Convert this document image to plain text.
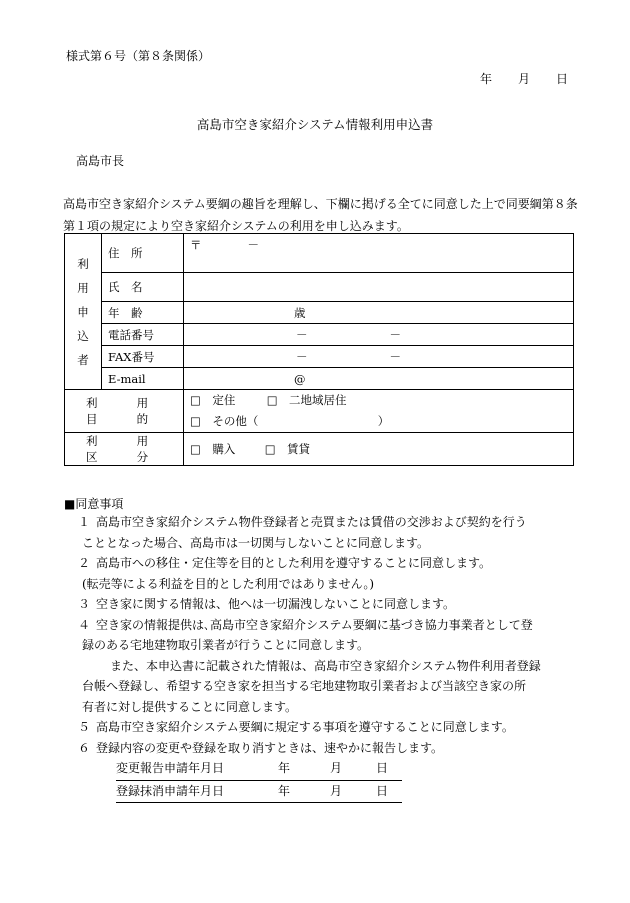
様式第６号（第８条関係）
年 月 日
高島市空き家紹介システム情報利用申込書
高島市長
高島市空き家紹介システム要綱の趣旨を理解し、下欄に掲げる全てに同意した上で同要綱第８条第１項の規定により空き家紹介システムの利用を申し込みます。
利
用
申
込
者	住　所	〒　　　　－
	氏　名	
	年　齢	歳
	電話番号	－ －
	FAX番号	－ －
	E-mail	@
利　用　目　的		□　定住 □　二地域居住
□　その他（ ）

利　用　区　分		□　購入 □　賃貸
■同意事項

１ 高島市空き家紹介システム物件登録者と売買または賃借の交渉および契約を行う

こととなった場合、高島市は一切関与しないことに同意します。

２ 高島市への移住・定住等を目的とした利用を遵守することに同意します。

(転売等による利益を目的とした利用ではありません。)

３ 空き家に関する情報は、他へは一切漏洩しないことに同意します。

４ 空き家の情報提供は､高島市空き家紹介システム要綱に基づき協力事業者として登

録のある宅地建物取引業者が行うことに同意します。

また、本申込書に記載された情報は、高島市空き家紹介システム物件利用者登録

台帳へ登録し、希望する空き家を担当する宅地建物取引業者および当該空き家の所

有者に対し提供することに同意します。

５ 高島市空き家紹介システム要綱に規定する事項を遵守することに同意します。

６ 登録内容の変更や登録を取り消すときは、速やかに報告します。

変更報告申請年月日	年	月	日

登録抹消申請年月日	年	月	日
